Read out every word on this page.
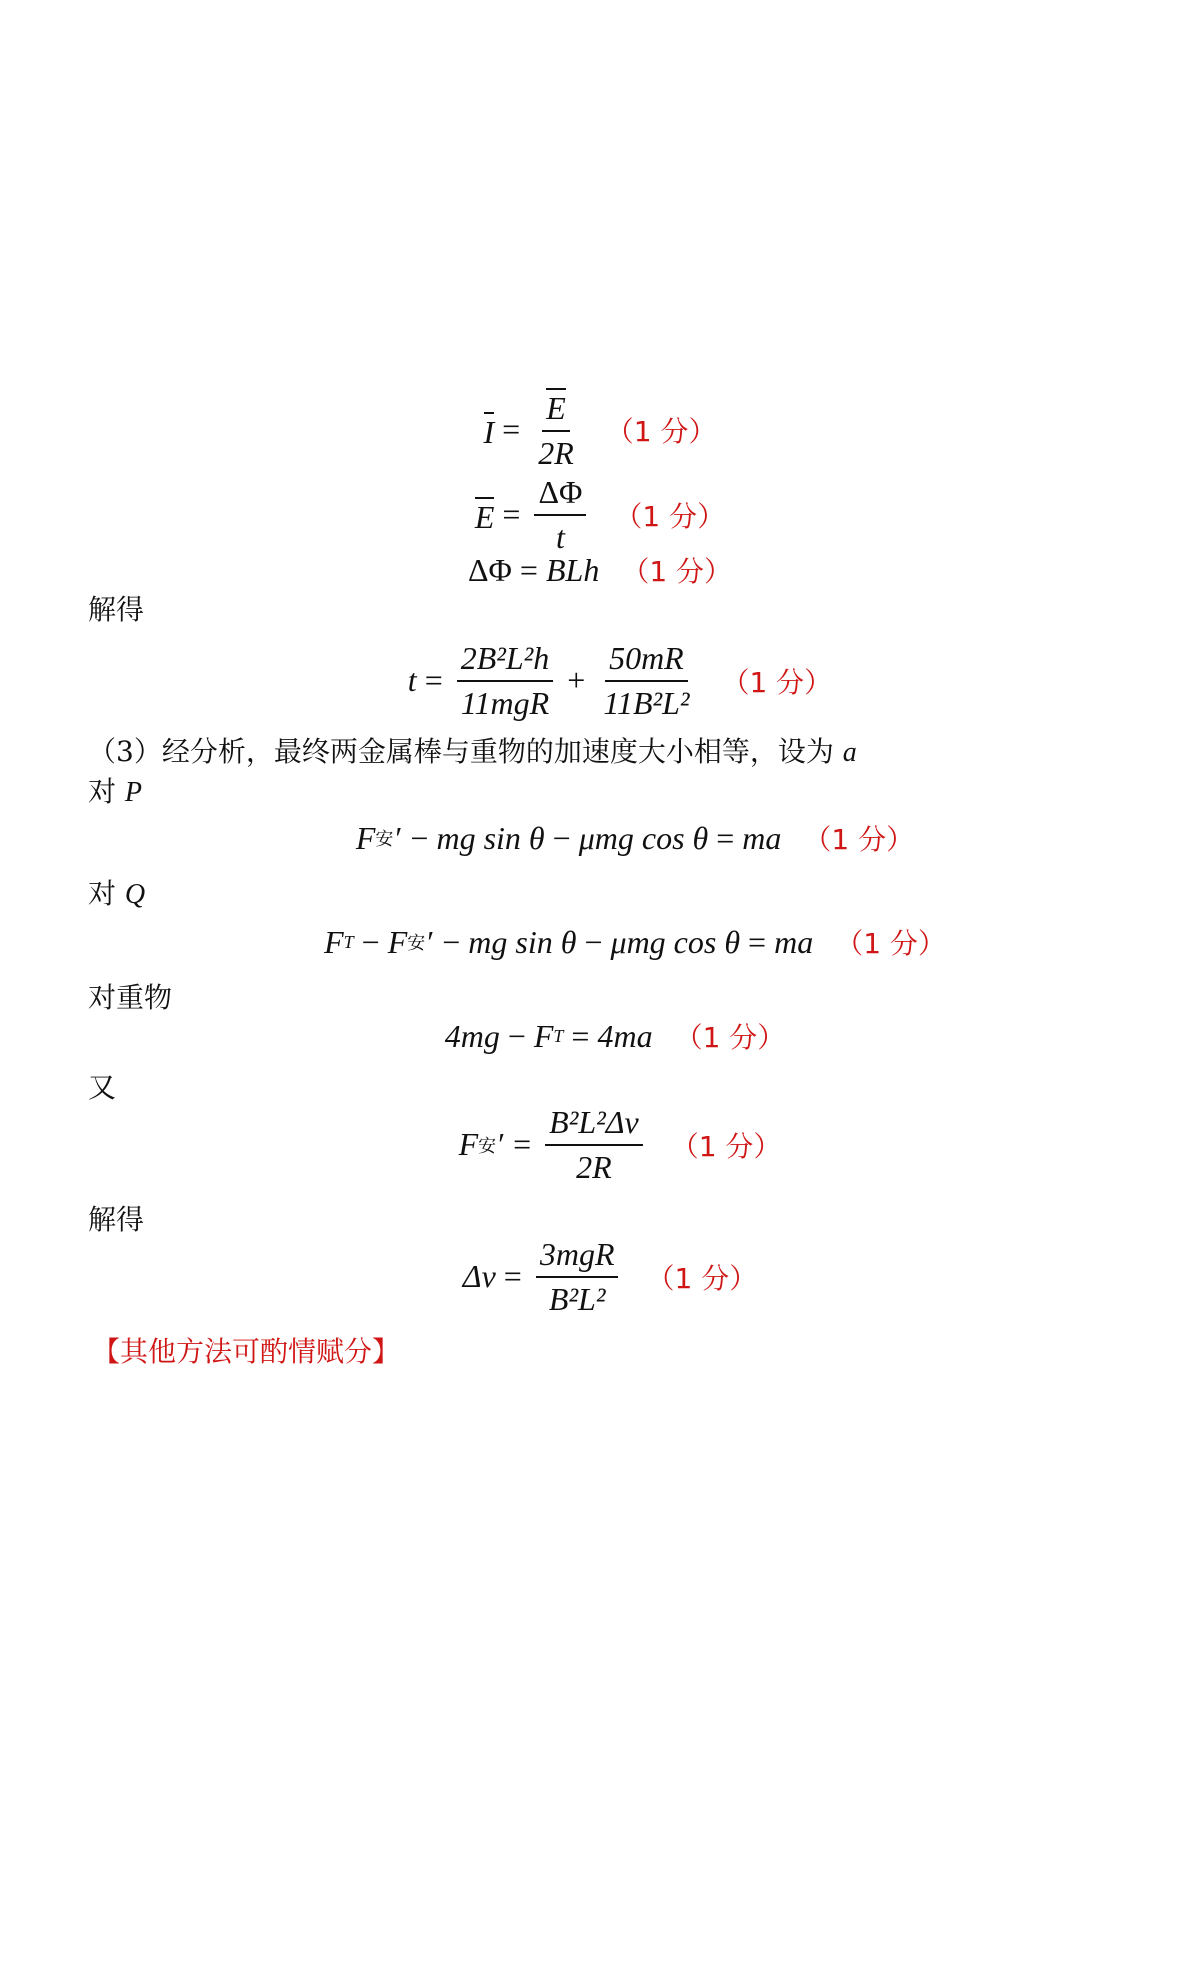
$I = \frac{E}{2R} (1$ 分）
$E = \frac{\Delta\Phi}{t} (1$ 分）
ΔΦ = BLh （1 分）
解得
$t = \frac{\text{2B²L²h}}{\text{11mgR}} + \frac{50mR}{\text{11B²L²}} (1$ 分）
（3）经分析，最终两金属棒与重物的加速度大小相等，设为 a
对 P
F 安 ′ − mg sin θ − μmg cos θ = ma （1 分）
对 Q
F T − F 安 ′ − mg sin θ − μmg cos θ = ma （1 分）
对重物
4mg − F T = 4ma （1 分）
又
F 安 ′ = $\frac{\text{B²L²Δv}}{2R} (1$ 分）
解得
$\Delta v = \frac{\text{3mgR}}{\text{B²L²}} (1$ 分）
【其他方法可酌情赋分】
